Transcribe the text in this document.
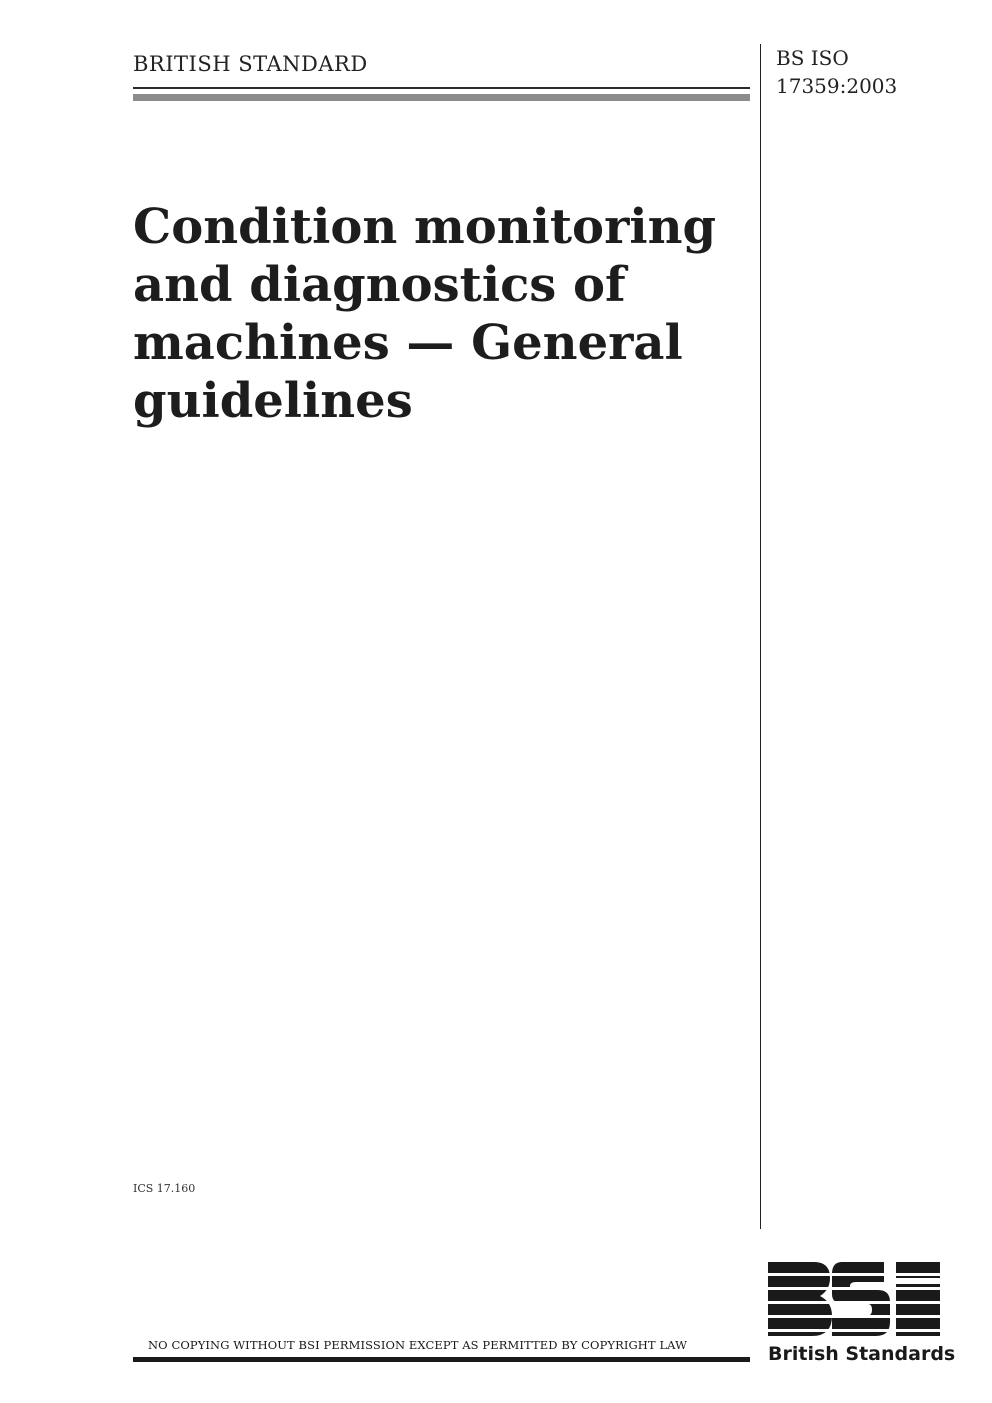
BRITISH STANDARD	BS ISO
17359:2003
Condition monitoring
and diagnostics of
machines — General
guidelines
ICS 17.160
NO COPYING WITHOUT BSI PERMISSION EXCEPT AS PERMITTED BY COPYRIGHT LAW	British Standards
